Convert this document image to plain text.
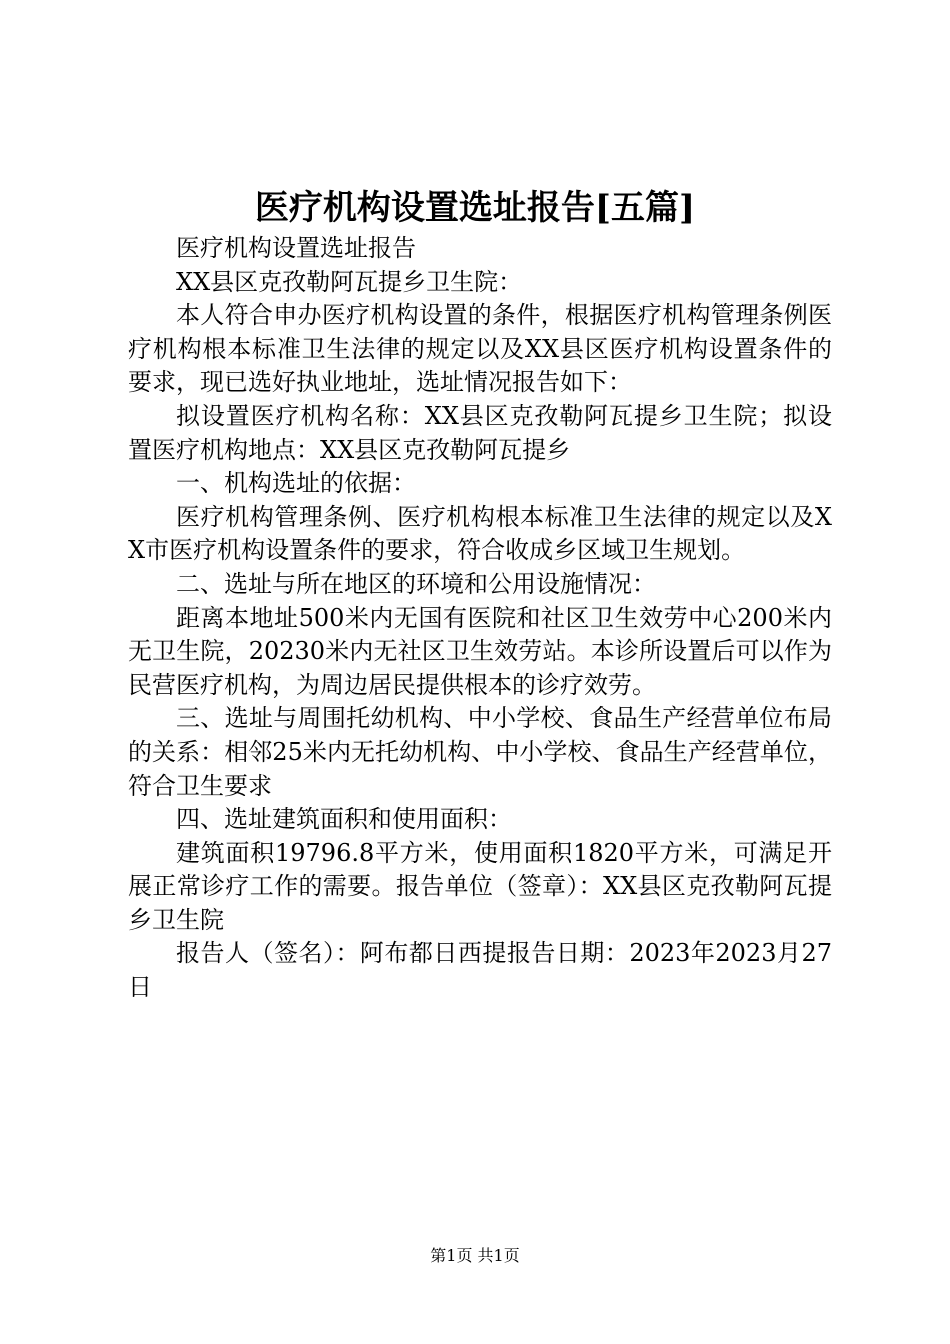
医疗机构设置选址报告[五篇]

医疗机构设置选址报告

XX县区克孜勒阿瓦提乡卫生院：

本人符合申办医疗机构设置的条件，根据医疗机构管理条例医疗机构根本标准卫生法律的规定以及XX县区医疗机构设置条件的要求，现已选好执业地址，选址情况报告如下：

拟设置医疗机构名称：XX县区克孜勒阿瓦提乡卫生院；拟设置医疗机构地点：XX县区克孜勒阿瓦提乡

一、机构选址的依据：

医疗机构管理条例、医疗机构根本标准卫生法律的规定以及XX市医疗机构设置条件的要求，符合收成乡区域卫生规划。

二、选址与所在地区的环境和公用设施情况：

距离本地址500米内无国有医院和社区卫生效劳中心200米内无卫生院，20230米内无社区卫生效劳站。本诊所设置后可以作为民营医疗机构，为周边居民提供根本的诊疗效劳。

三、选址与周围托幼机构、中小学校、食品生产经营单位布局的关系：相邻25米内无托幼机构、中小学校、食品生产经营单位，符合卫生要求

四、选址建筑面积和使用面积：

建筑面积19796.8平方米，使用面积1820平方米，可满足开展正常诊疗工作的需要。报告单位（签章）：XX县区克孜勒阿瓦提乡卫生院

报告人（签名）：阿布都日西提报告日期：2023年2023月27日

第1页 共1页
